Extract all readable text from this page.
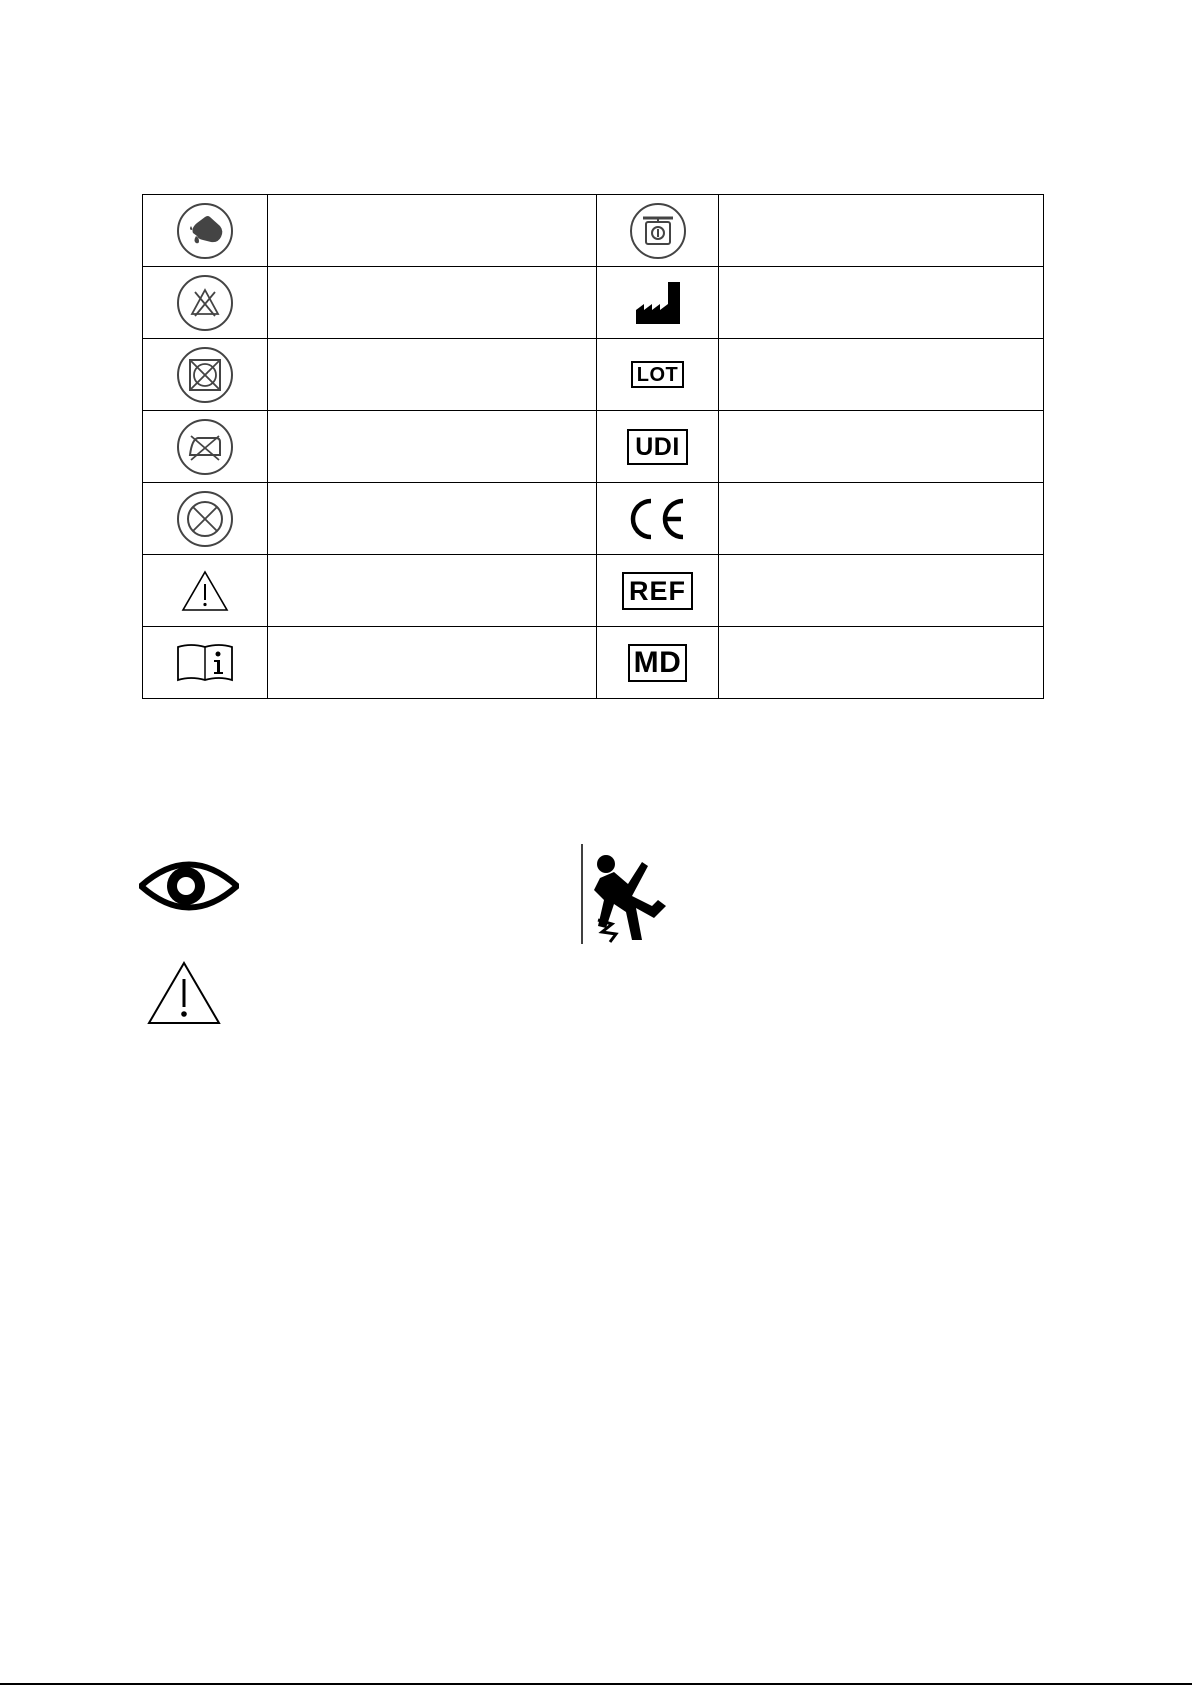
		LOT	

		UDI	

		REF	

		MD	
